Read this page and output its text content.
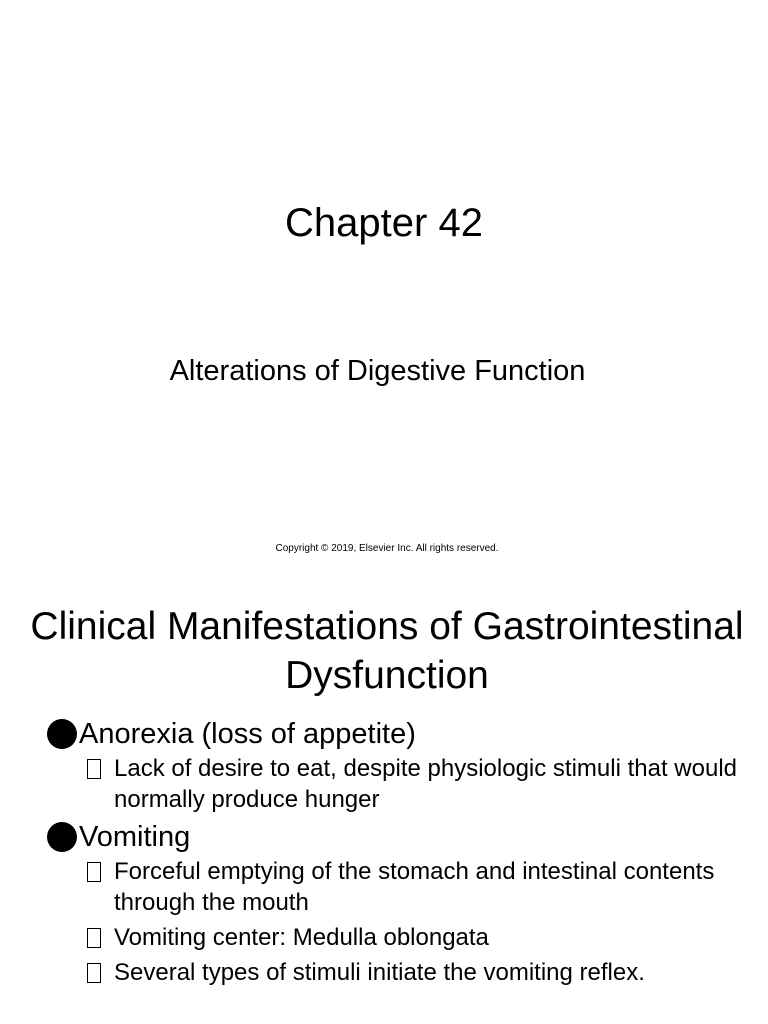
Chapter 42
Alterations of Digestive Function
Copyright © 2019, Elsevier Inc. All rights reserved.
Clinical Manifestations of Gastrointestinal Dysfunction
Anorexia (loss of appetite)
Lack of desire to eat, despite physiologic stimuli that would normally produce hunger
Vomiting
Forceful emptying of the stomach and intestinal contents through the mouth
Vomiting center: Medulla oblongata
Several types of stimuli initiate the vomiting reflex.
